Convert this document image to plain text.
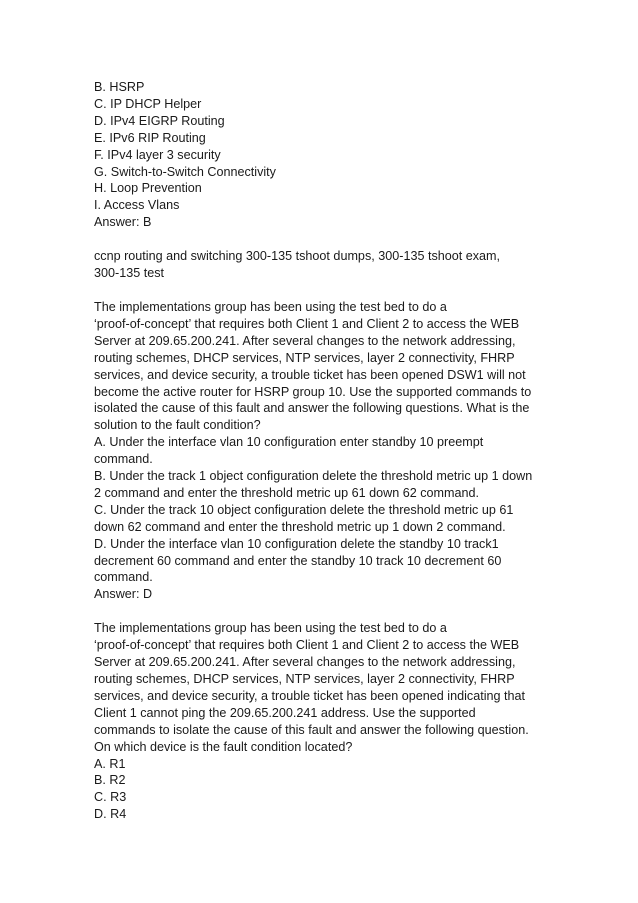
B. HSRP
C. IP DHCP Helper
D. IPv4 EIGRP Routing
E. IPv6 RIP Routing
F. IPv4 layer 3 security
G. Switch-to-Switch Connectivity
H. Loop Prevention
I. Access Vlans
Answer: B
ccnp routing and switching 300-135 tshoot dumps, 300-135 tshoot exam,
300-135 test
The implementations group has been using the test bed to do a
‘proof-of-concept’ that requires both Client 1 and Client 2 to access the WEB
Server at 209.65.200.241. After several changes to the network addressing,
routing schemes, DHCP services, NTP services, layer 2 connectivity, FHRP
services, and device security, a trouble ticket has been opened DSW1 will not
become the active router for HSRP group 10. Use the supported commands to
isolated the cause of this fault and answer the following questions. What is the
solution to the fault condition?
A. Under the interface vlan 10 configuration enter standby 10 preempt
command.
B. Under the track 1 object configuration delete the threshold metric up 1 down
2 command and enter the threshold metric up 61 down 62 command.
C. Under the track 10 object configuration delete the threshold metric up 61
down 62 command and enter the threshold metric up 1 down 2 command.
D. Under the interface vlan 10 configuration delete the standby 10 track1
decrement 60 command and enter the standby 10 track 10 decrement 60
command.
Answer: D
The implementations group has been using the test bed to do a
‘proof-of-concept’ that requires both Client 1 and Client 2 to access the WEB
Server at 209.65.200.241. After several changes to the network addressing,
routing schemes, DHCP services, NTP services, layer 2 connectivity, FHRP
services, and device security, a trouble ticket has been opened indicating that
Client 1 cannot ping the 209.65.200.241 address. Use the supported
commands to isolate the cause of this fault and answer the following question.
On which device is the fault condition located?
A. R1
B. R2
C. R3
D. R4
